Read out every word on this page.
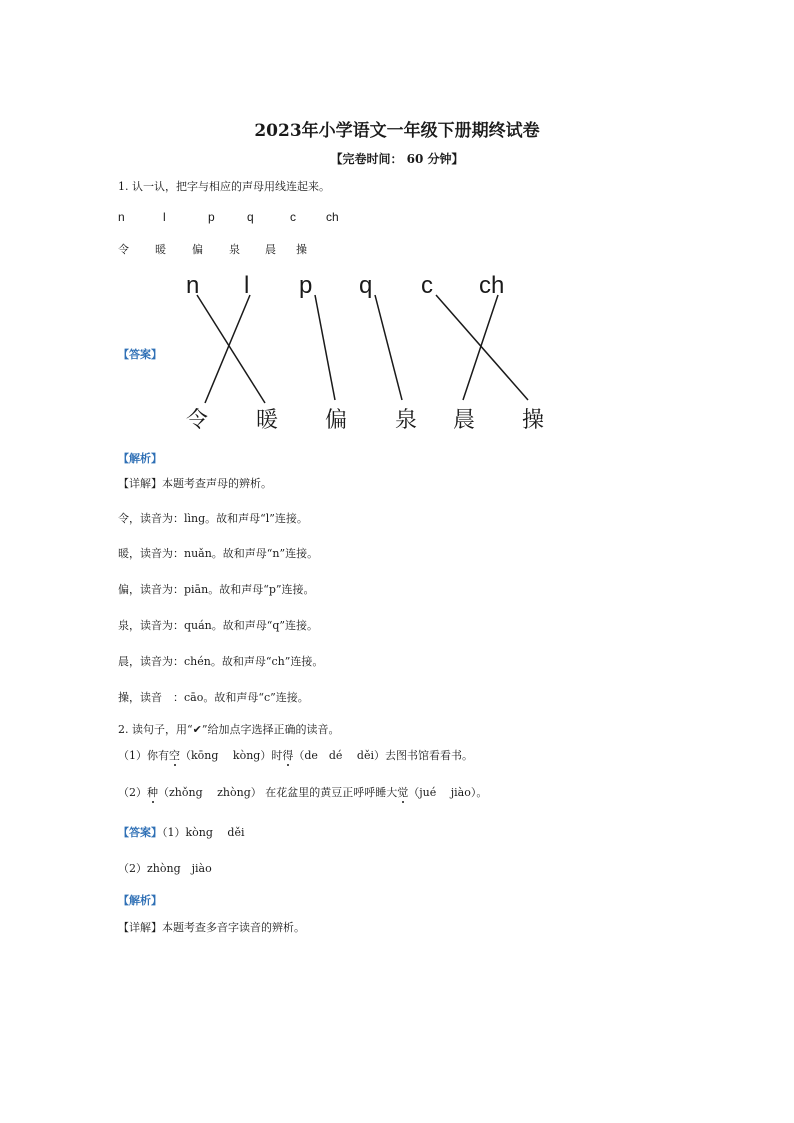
2023年小学语文一年级下册期终试卷
【完卷时间： 60 分钟】
1. 认一认，把字与相应的声母用线连起来。
n	l	p	q	c	ch
令 暖 偏 泉 晨 操
【答案】
n l p q c ch
令 暖 偏 泉 晨 操
【解析】
【详解】本题考查声母的辨析。
令，读音为：lìng。故和声母“l”连接。
暖，读音为：nuǎn。故和声母“n”连接。
偏，读音为：piān。故和声母“p”连接。
泉，读音为：quán。故和声母“q”连接。
晨，读音为：chén。故和声母“ch”连接。
操，读音　：cāo。故和声母“c”连接。
2. 读句子，用“✔”给加点字选择正确的读音。
（1）你有空（kōng　 kòng）时得（de　dé　 děi）去图书馆看看书。
（2）种（zhǒng　 zhòng） 在花盆里的黄豆正呼呼睡大觉（jué　 jiào）。
【答案】（1）kòng　 děi
（2）zhòng　jiào
【解析】
【详解】本题考查多音字读音的辨析。
